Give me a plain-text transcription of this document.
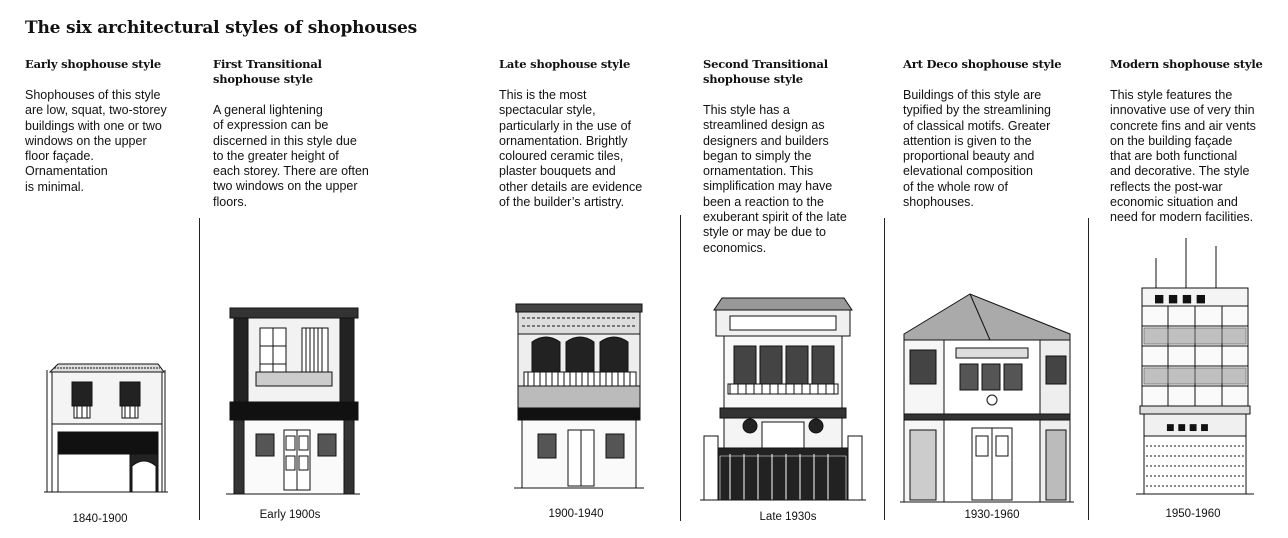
The six architectural styles of shophouses
Early shophouse style
Shophouses of this style
are low, squat, two-storey
buildings with one or two
windows on the upper
floor façade.
Ornamentation
is minimal.
1840-1900
First Transitional
shophouse style
A general lightening
of expression can be
discerned in this style due
to the greater height of
each storey. There are often
two windows on the upper
floors.
Early 1900s
Late shophouse style
This is the most
spectacular style,
particularly in the use of
ornamentation. Brightly
coloured ceramic tiles,
plaster bouquets and
other details are evidence
of the builder’s artistry.
1900-1940
Second Transitional
shophouse style
This style has a
streamlined design as
designers and builders
began to simply the
ornamentation. This
simplification may have
been a reaction to the
exuberant spirit of the late
style or may be due to
economics.
Late 1930s
Art Deco shophouse style
Buildings of this style are
typified by the streamlining
of classical motifs. Greater
attention is given to the
proportional beauty and
elevational composition
of the whole row of
shophouses.
1930-1960
Modern shophouse style
This style features the
innovative use of very thin
concrete fins and air vents
on the building façade
that are both functional
and decorative. The style
reflects the post-war
economic situation and
need for modern facilities.
1950-1960
■ ■ ■ ■
■ ■ ■ ■
